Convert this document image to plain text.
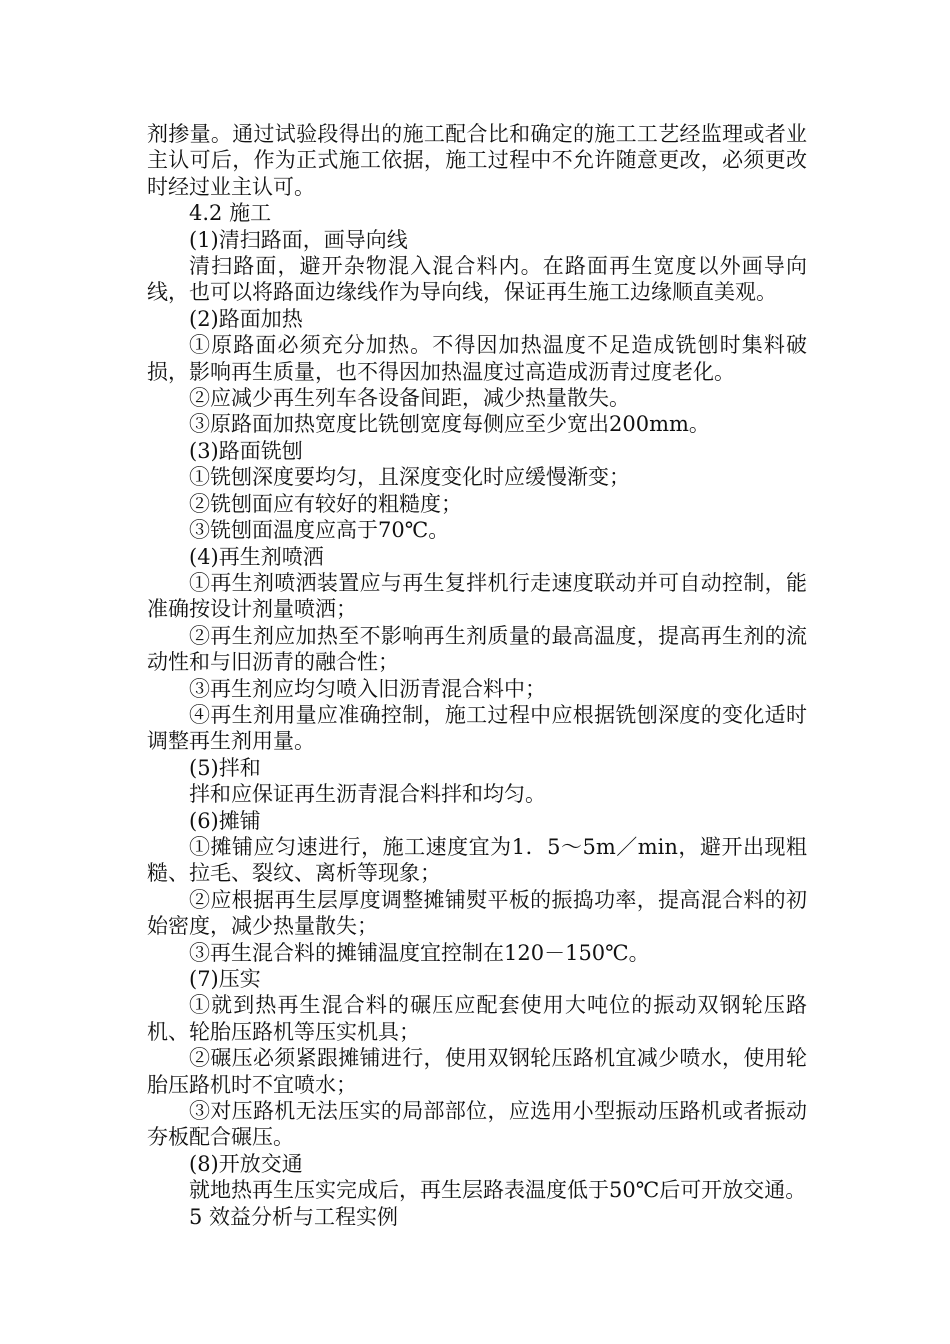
剂掺量。通过试验段得出的施工配合比和确定的施工工艺经监理或者业主认可后，作为正式施工依据，施工过程中不允许随意更改，必须更改时经过业主认可。

4.2 施工

(1)清扫路面，画导向线

清扫路面，避开杂物混入混合料内。在路面再生宽度以外画导向线，也可以将路面边缘线作为导向线，保证再生施工边缘顺直美观。

(2)路面加热

①原路面必须充分加热。不得因加热温度不足造成铣刨时集料破损，影响再生质量，也不得因加热温度过高造成沥青过度老化。

②应减少再生列车各设备间距，减少热量散失。

③原路面加热宽度比铣刨宽度每侧应至少宽出200mm。

(3)路面铣刨

①铣刨深度要均匀，且深度变化时应缓慢渐变；

②铣刨面应有较好的粗糙度；

③铣刨面温度应高于70℃。

(4)再生剂喷洒

①再生剂喷洒装置应与再生复拌机行走速度联动并可自动控制，能准确按设计剂量喷洒；

②再生剂应加热至不影响再生剂质量的最高温度，提高再生剂的流动性和与旧沥青的融合性；

③再生剂应均匀喷入旧沥青混合料中；

④再生剂用量应准确控制，施工过程中应根据铣刨深度的变化适时调整再生剂用量。

(5)拌和

拌和应保证再生沥青混合料拌和均匀。

(6)摊铺

①摊铺应匀速进行，施工速度宜为1．5～5m／min，避开出现粗糙、拉毛、裂纹、离析等现象；

②应根据再生层厚度调整摊铺熨平板的振捣功率，提高混合料的初始密度，减少热量散失；

③再生混合料的摊铺温度宜控制在120－150℃。

(7)压实

①就到热再生混合料的碾压应配套使用大吨位的振动双钢轮压路机、轮胎压路机等压实机具；

②碾压必须紧跟摊铺进行，使用双钢轮压路机宜减少喷水，使用轮胎压路机时不宜喷水；

③对压路机无法压实的局部部位，应选用小型振动压路机或者振动夯板配合碾压。

(8)开放交通

就地热再生压实完成后，再生层路表温度低于50℃后可开放交通。

5 效益分析与工程实例
